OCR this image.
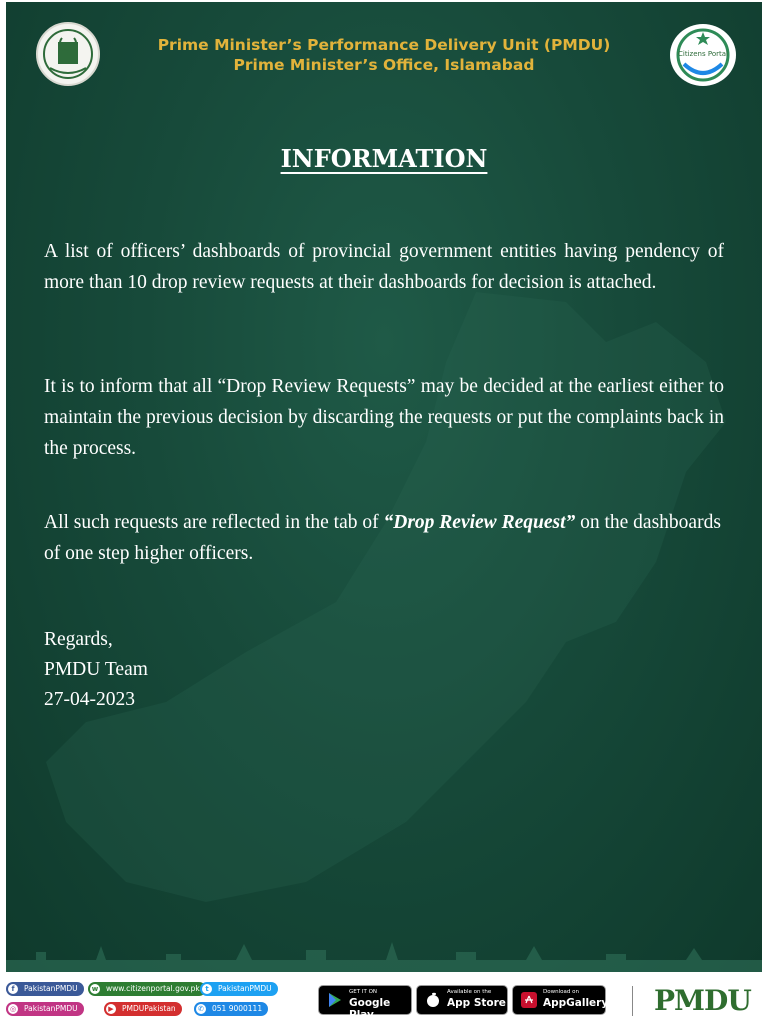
Prime Minister’s Performance Delivery Unit (PMDU)
Prime Minister’s Office, Islamabad
Citizens Portal
INFORMATION
A list of officers’ dashboards of provincial government entities having pendency of more than 10 drop review requests at their dashboards for decision is attached.
It is to inform that all “Drop Review Requests” may be decided at the earliest either to maintain the previous decision by discarding the requests or put the complaints back in the process.
All such requests are reflected in the tab of “Drop Review Request” on the dashboards of one step higher officers.
Regards,
PMDU Team
27-04-2023
f	PakistanPMDU	w www.citizenportal.gov.pk t	PakistanPMDU
◎ PakistanPMDU	▶	PMDUPakistan	✆ 051 9000111
GET IT ON
Google Play
Available on the
App Store
Download on
AppGallery PMDU
